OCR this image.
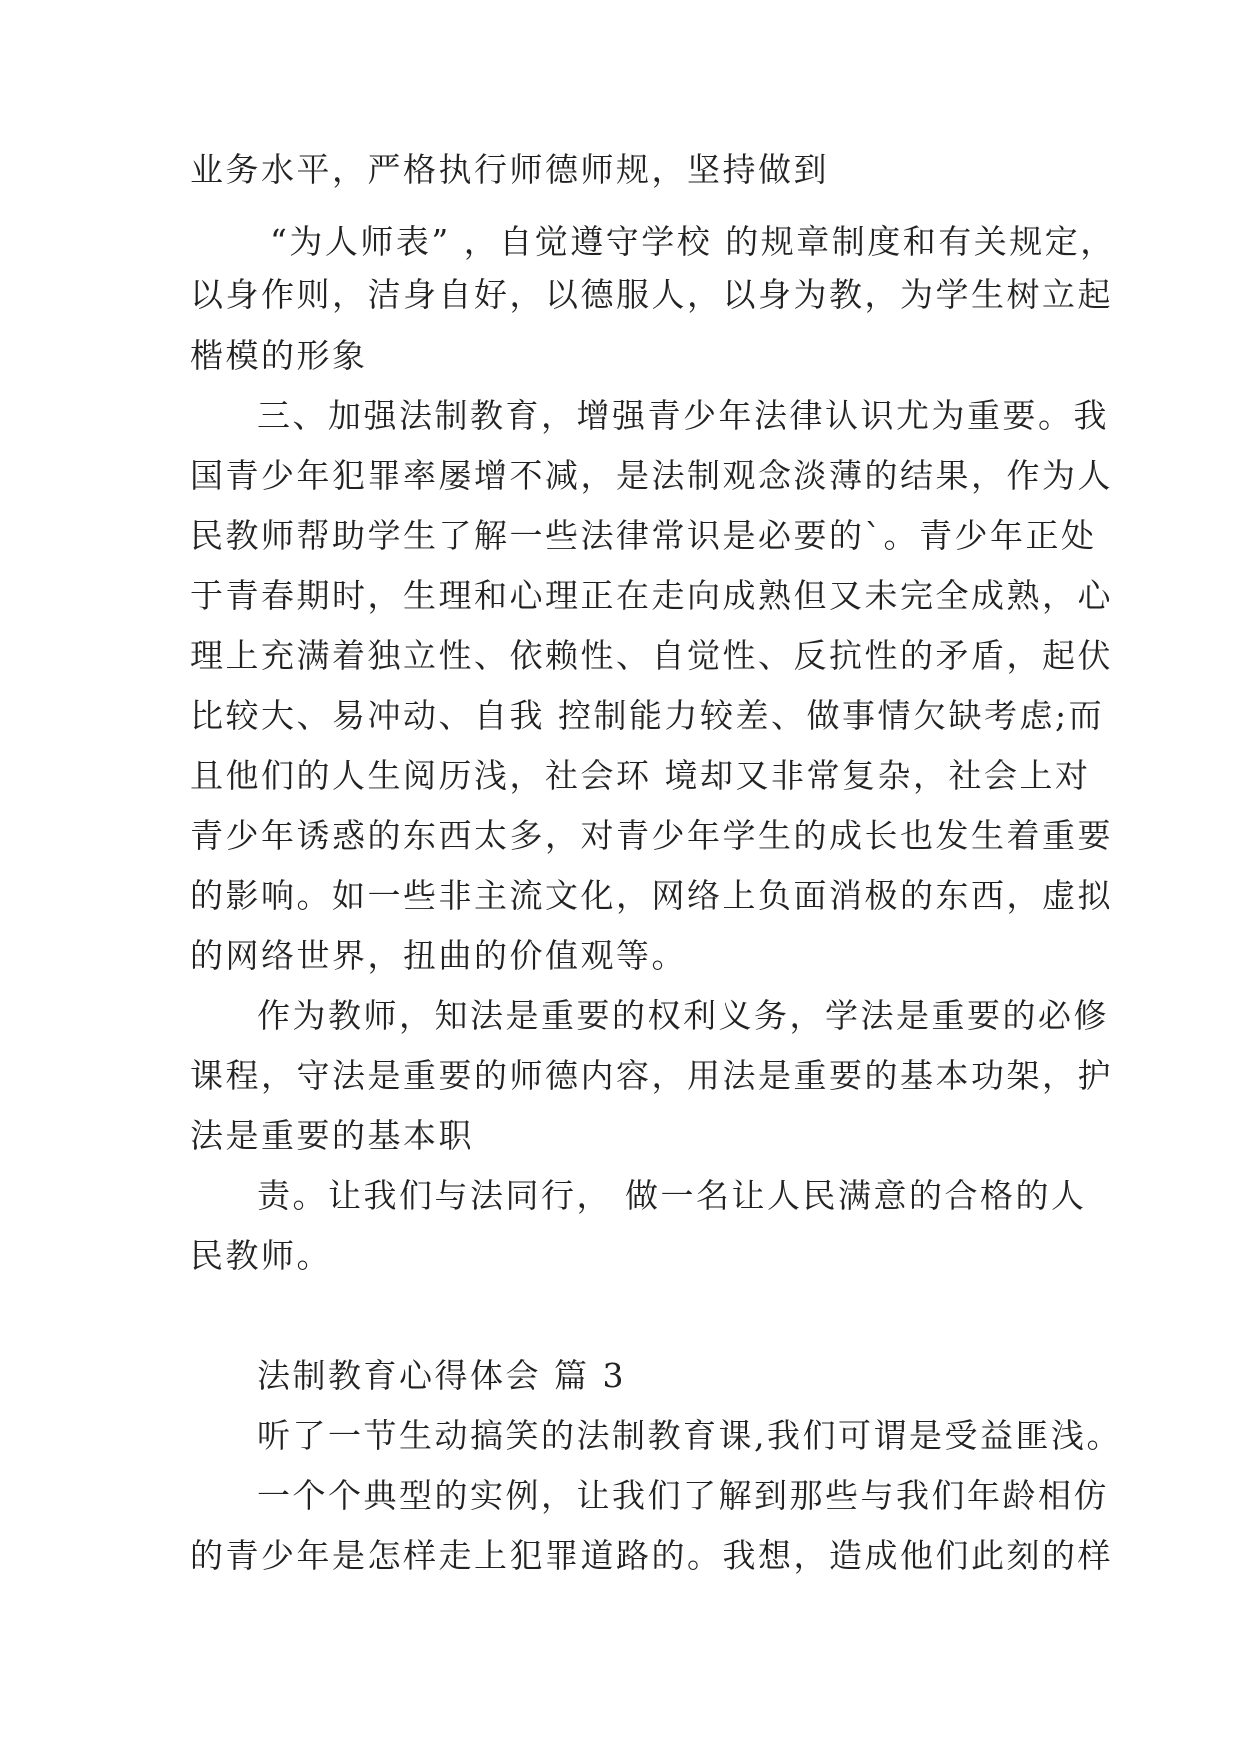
业务水平，严格执行师德师规，坚持做到
“为人师表” ，自觉遵守学校 的规章制度和有关规定，
以身作则，洁身自好，以德服人，以身为教，为学生树立起
楷模的形象
三、加强法制教育，增强青少年法律认识尤为重要。我
国青少年犯罪率屡增不减，是法制观念淡薄的结果，作为人
民教师帮助学生了解一些法律常识是必要的`。青少年正处
于青春期时，生理和心理正在走向成熟但又未完全成熟，心
理上充满着独立性、依赖性、自觉性、反抗性的矛盾，起伏
比较大、易冲动、自我 控制能力较差、做事情欠缺考虑;而
且他们的人生阅历浅，社会环 境却又非常复杂，社会上对
青少年诱惑的东西太多，对青少年学生的成长也发生着重要
的影响。如一些非主流文化，网络上负面消极的东西，虚拟
的网络世界，扭曲的价值观等。
作为教师，知法是重要的权利义务，学法是重要的必修
课程，守法是重要的师德内容，用法是重要的基本功架，护
法是重要的基本职
责。让我们与法同行， 做一名让人民满意的合格的人
民教师。
法制教育心得体会 篇 3
听了一节生动搞笑的法制教育课,我们可谓是受益匪浅。
一个个典型的实例，让我们了解到那些与我们年龄相仿
的青少年是怎样走上犯罪道路的。我想，造成他们此刻的样
